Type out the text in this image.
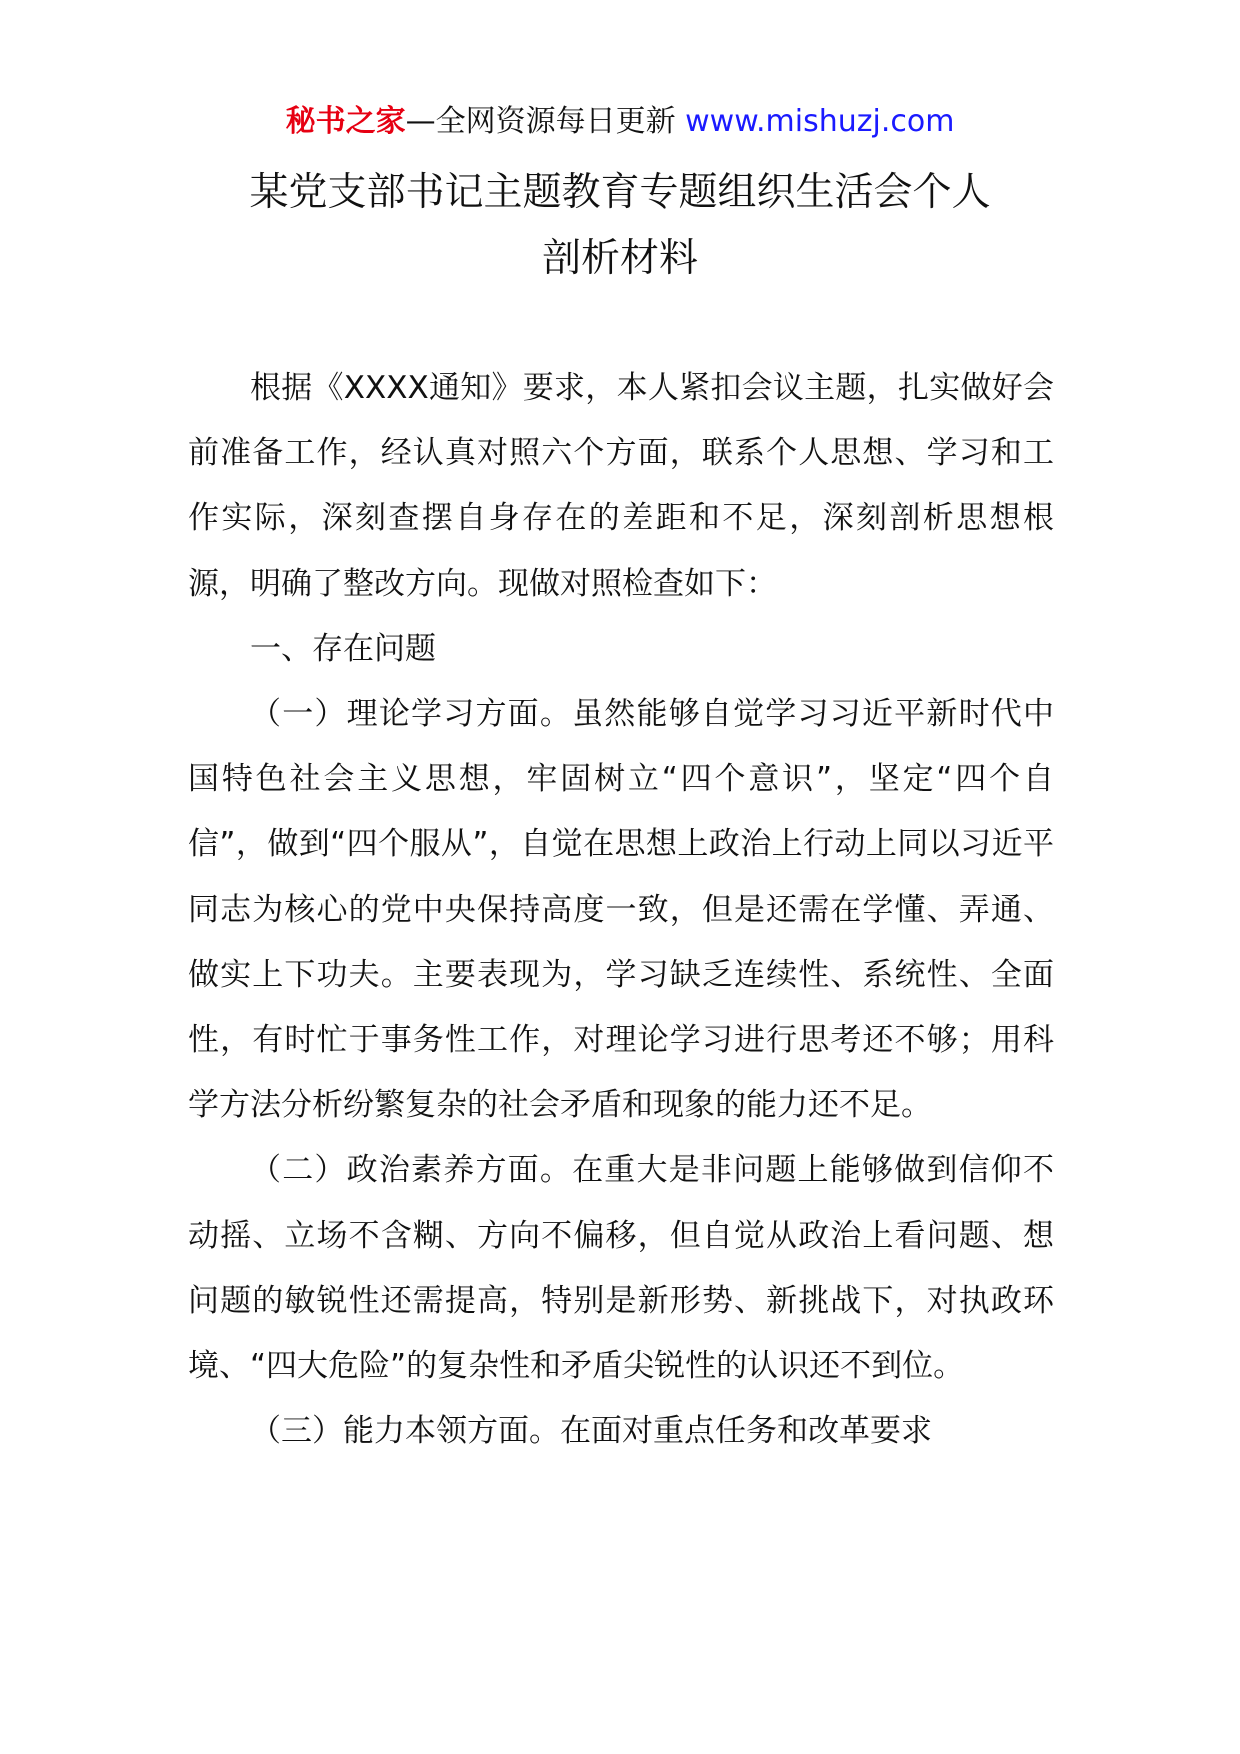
秘书之家—全网资源每日更新 www.mishuzj.com
某党支部书记主题教育专题组织生活会个人
剖析材料

根据《XXXX通知》要求，本人紧扣会议主题，扎实做好会前准备工作，经认真对照六个方面，联系个人思想、学习和工作实际，深刻查摆自身存在的差距和不足，深刻剖析思想根源，明确了整改方向。现做对照检查如下：

一、存在问题

（一）理论学习方面。虽然能够自觉学习习近平新时代中国特色社会主义思想，牢固树立“四个意识”，坚定“四个自信”，做到“四个服从”，自觉在思想上政治上行动上同以习近平同志为核心的党中央保持高度一致，但是还需在学懂、弄通、做实上下功夫。主要表现为，学习缺乏连续性、系统性、全面性，有时忙于事务性工作，对理论学习进行思考还不够；用科学方法分析纷繁复杂的社会矛盾和现象的能力还不足。

（二）政治素养方面。在重大是非问题上能够做到信仰不动摇、立场不含糊、方向不偏移，但自觉从政治上看问题、想问题的敏锐性还需提高，特别是新形势、新挑战下，对执政环境、“四大危险”的复杂性和矛盾尖锐性的认识还不到位。

（三）能力本领方面。在面对重点任务和改革要求
